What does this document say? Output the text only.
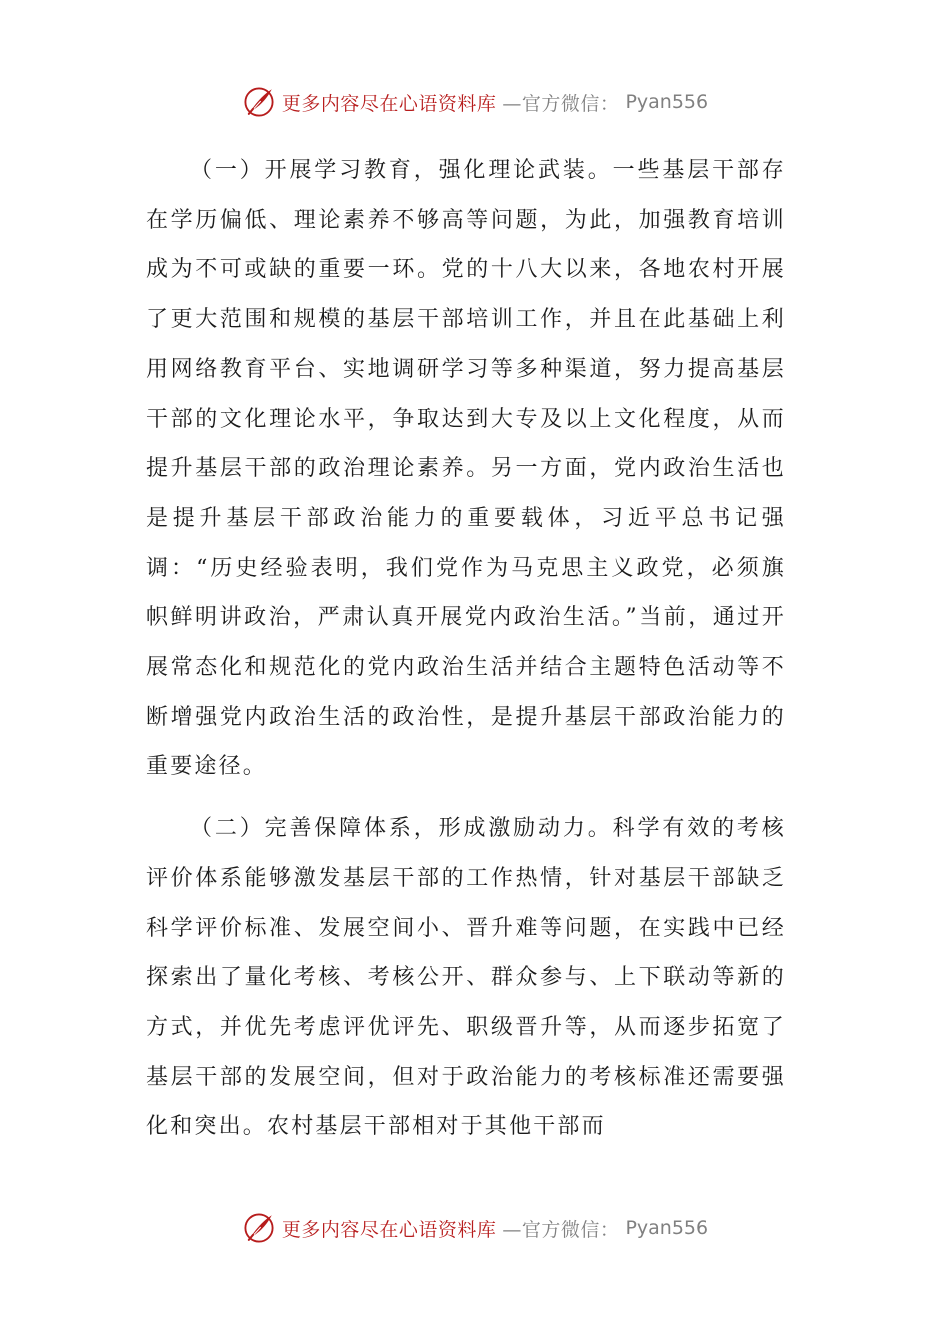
更多内容尽在心语资料库 —官方微信： Pyan556

（一）开展学习教育，强化理论武装。一些基层干部存在学历偏低、理论素养不够高等问题，为此，加强教育培训成为不可或缺的重要一环。党的十八大以来，各地农村开展了更大范围和规模的基层干部培训工作，并且在此基础上利用网络教育平台、实地调研学习等多种渠道，努力提高基层干部的文化理论水平，争取达到大专及以上文化程度，从而提升基层干部的政治理论素养。另一方面，党内政治生活也是提升基层干部政治能力的重要载体，习近平总书记强调：“历史经验表明，我们党作为马克思主义政党，必须旗帜鲜明讲政治，严肃认真开展党内政治生活。”当前，通过开展常态化和规范化的党内政治生活并结合主题特色活动等不断增强党内政治生活的政治性，是提升基层干部政治能力的重要途径。

（二）完善保障体系，形成激励动力。科学有效的考核评价体系能够激发基层干部的工作热情，针对基层干部缺乏科学评价标准、发展空间小、晋升难等问题，在实践中已经探索出了量化考核、考核公开、群众参与、上下联动等新的方式，并优先考虑评优评先、职级晋升等，从而逐步拓宽了基层干部的发展空间，但对于政治能力的考核标准还需要强化和突出。农村基层干部相对于其他干部而

更多内容尽在心语资料库 —官方微信： Pyan556
